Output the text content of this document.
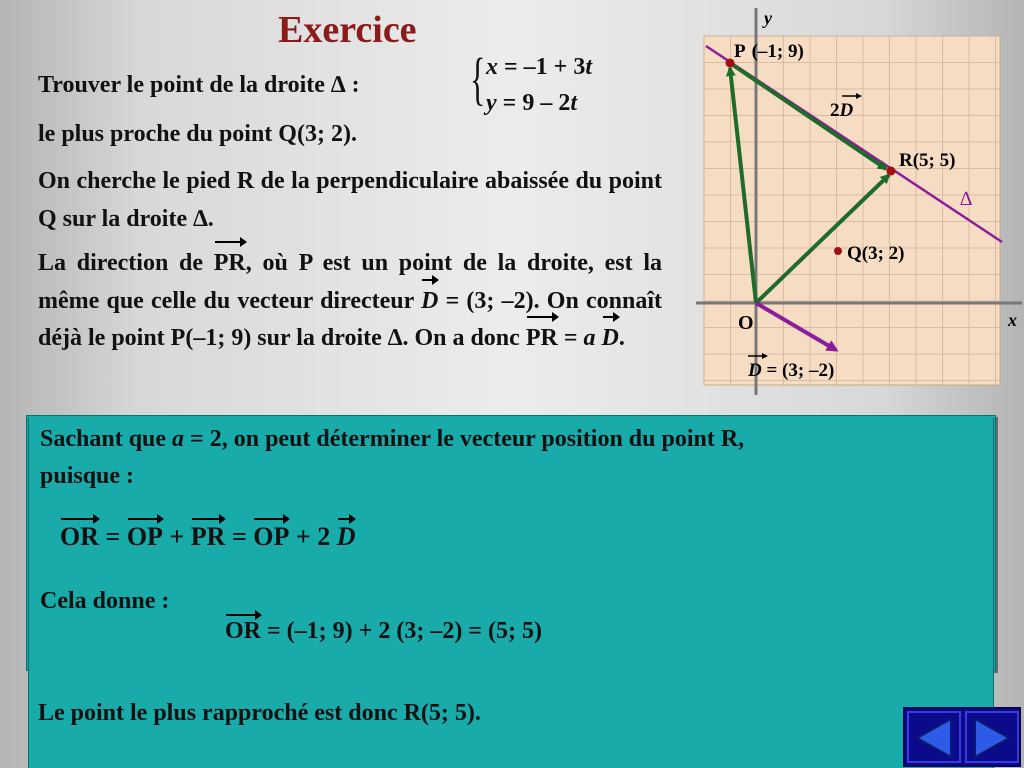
Exercice
Trouver le point de la droite ∆ : { x = –1 + 3t
y = 9 – 2t
le plus proche du point Q(3; 2).
On cherche le pied R de la perpendiculaire abaissée du point Q sur la droite ∆.
La direction de PR, où P est un point de la droite, est la même que celle du vecteur directeur D = (3; –2). On connaît déjà le point P(–1; 9) sur la droite ∆. On a donc PR = a D.
y
x
P (–1; 9)
R(5; 5)
Q(3; 2)
∆
O
2D
D = (3; –2)
Sachant que a = 2, on peut déterminer le vecteur position du point R,
puisque :
OR = OP + PR = OP + 2 D
Cela donne :
OR = (–1; 9) + 2 (3; –2) = (5; 5)
Le point le plus rapproché est donc R(5; 5).
